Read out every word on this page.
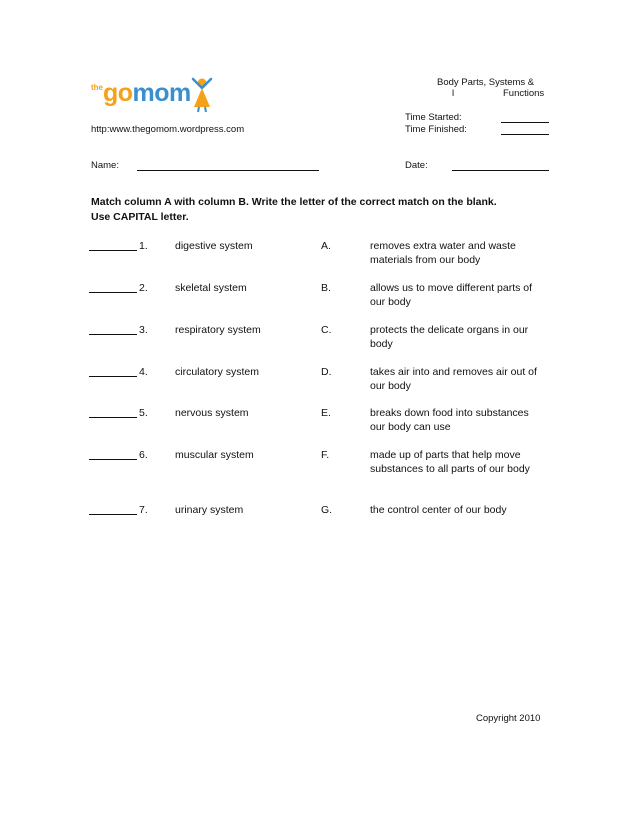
the gomom
http:www.thegomom.wordpress.com
Body Parts, Systems &
l	Functions
Time Started:
Time Finished:
Name:	Date:
Match column A with column B. Write the letter of the correct match on the blank. Use CAPITAL letter.
1.	digestive system	A.	removes extra water and waste materials from our body
2.	skeletal system	B.	allows us to move different parts of our body
3.	respiratory system	C.	protects the delicate organs in our body
4.	circulatory system	D.	takes air into and removes air out of our body
5.	nervous system	E.	breaks down food into substances our body can use
6.	muscular system	F.	made up of parts that help move substances to all parts of our body
7.	urinary system	G.	the control center of our body
Copyright 2010
